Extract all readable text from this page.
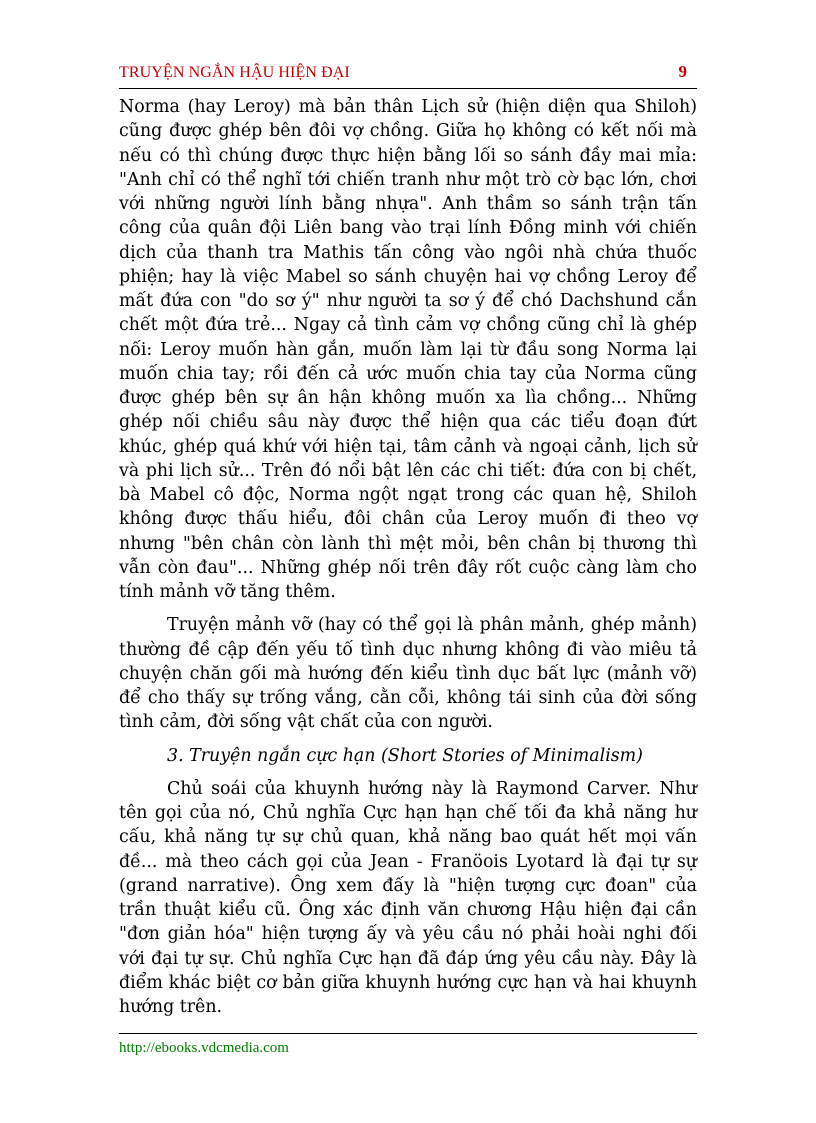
TRUYỆN NGẮN HẬU HIỆN ĐẠI	9

Norma (hay Leroy) mà bản thân Lịch sử (hiện diện qua Shiloh) cũng được ghép bên đôi vợ chồng. Giữa họ không có kết nối mà nếu có thì chúng được thực hiện bằng lối so sánh đầy mai mỉa: "Anh chỉ có thể nghĩ tới chiến tranh như một trò cờ bạc lớn, chơi với những người lính bằng nhựa". Anh thầm so sánh trận tấn công của quân đội Liên bang vào trại lính Đồng minh với chiến dịch của thanh tra Mathis tấn công vào ngôi nhà chứa thuốc phiện; hay là việc Mabel so sánh chuyện hai vợ chồng Leroy để mất đứa con "do sơ ý" như người ta sơ ý để chó Dachshund cắn chết một đứa trẻ... Ngay cả tình cảm vợ chồng cũng chỉ là ghép nối: Leroy muốn hàn gắn, muốn làm lại từ đầu song Norma lại muốn chia tay; rồi đến cả ước muốn chia tay của Norma cũng được ghép bên sự ân hận không muốn xa lìa chồng... Những ghép nối chiều sâu này được thể hiện qua các tiểu đoạn đứt khúc, ghép quá khứ với hiện tại, tâm cảnh và ngoại cảnh, lịch sử và phi lịch sử... Trên đó nổi bật lên các chi tiết: đứa con bị chết, bà Mabel cô độc, Norma ngột ngạt trong các quan hệ, Shiloh không được thấu hiểu, đôi chân của Leroy muốn đi theo vợ nhưng "bên chân còn lành thì mệt mỏi, bên chân bị thương thì vẫn còn đau"... Những ghép nối trên đây rốt cuộc càng làm cho tính mảnh vỡ tăng thêm.

Truyện mảnh vỡ (hay có thể gọi là phân mảnh, ghép mảnh) thường đề cập đến yếu tố tình dục nhưng không đi vào miêu tả chuyện chăn gối mà hướng đến kiểu tình dục bất lực (mảnh vỡ) để cho thấy sự trống vắng, cằn cỗi, không tái sinh của đời sống tình cảm, đời sống vật chất của con người.

3. Truyện ngắn cực hạn (Short Stories of Minimalism)

Chủ soái của khuynh hướng này là Raymond Carver. Như tên gọi của nó, Chủ nghĩa Cực hạn hạn chế tối đa khả năng hư cấu, khả năng tự sự chủ quan, khả năng bao quát hết mọi vấn đề... mà theo cách gọi của Jean - Franöois Lyotard là đại tự sự (grand narrative). Ông xem đấy là "hiện tượng cực đoan" của trần thuật kiểu cũ. Ông xác định văn chương Hậu hiện đại cần "đơn giản hóa" hiện tượng ấy và yêu cầu nó phải hoài nghi đối với đại tự sự. Chủ nghĩa Cực hạn đã đáp ứng yêu cầu này. Đây là điểm khác biệt cơ bản giữa khuynh hướng cực hạn và hai khuynh hướng trên.

http://ebooks.vdcmedia.com
